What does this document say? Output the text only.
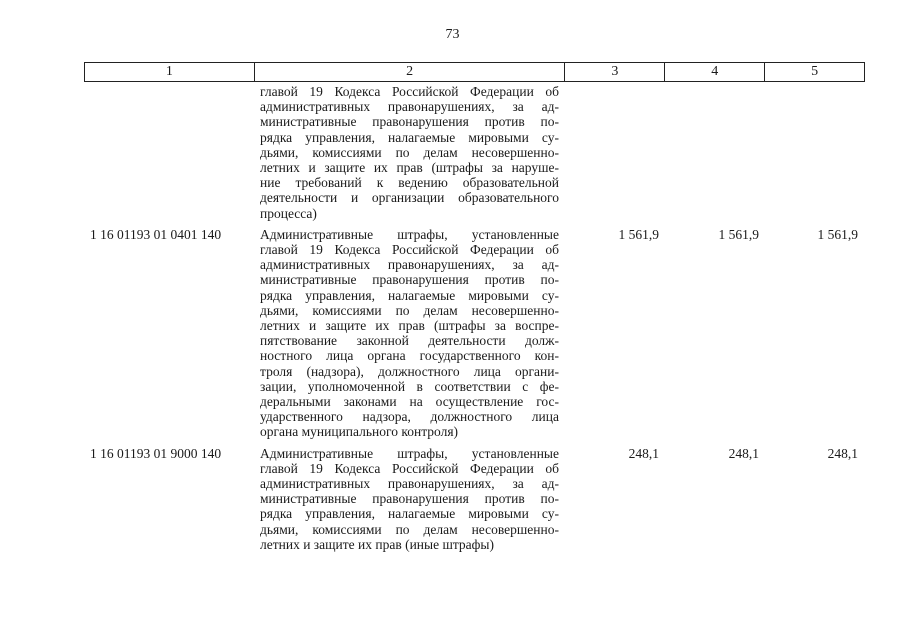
73
1	2	3	4	5
главой 19 Кодекса Российской Федерации об
административных правонарушениях, за ад-
министративные правонарушения против по-
рядка управления, налагаемые мировыми су-
дьями, комиссиями по делам несовершенно-
летних и защите их прав (штрафы за наруше-
ние требований к ведению образовательной
деятельности и организации образовательного
процесса)
1 16 01193 01 0401 140	Административные штрафы, установленные
главой 19 Кодекса Российской Федерации об
административных правонарушениях, за ад-
министративные правонарушения против по-
рядка управления, налагаемые мировыми су-
дьями, комиссиями по делам несовершенно-
летних и защите их прав (штрафы за воспре-
пятствование законной деятельности долж-
ностного лица органа государственного кон-
троля (надзора), должностного лица органи-
зации, уполномоченной в соответствии с фе-
деральными законами на осуществление гос-
ударственного надзора, должностного лица
органа муниципального контроля)
1 561,9	1 561,9	1 561,9
1 16 01193 01 9000 140	Административные штрафы, установленные
главой 19 Кодекса Российской Федерации об
административных правонарушениях, за ад-
министративные правонарушения против по-
рядка управления, налагаемые мировыми су-
дьями, комиссиями по делам несовершенно-
летних и защите их прав (иные штрафы)
248,1	248,1	248,1
